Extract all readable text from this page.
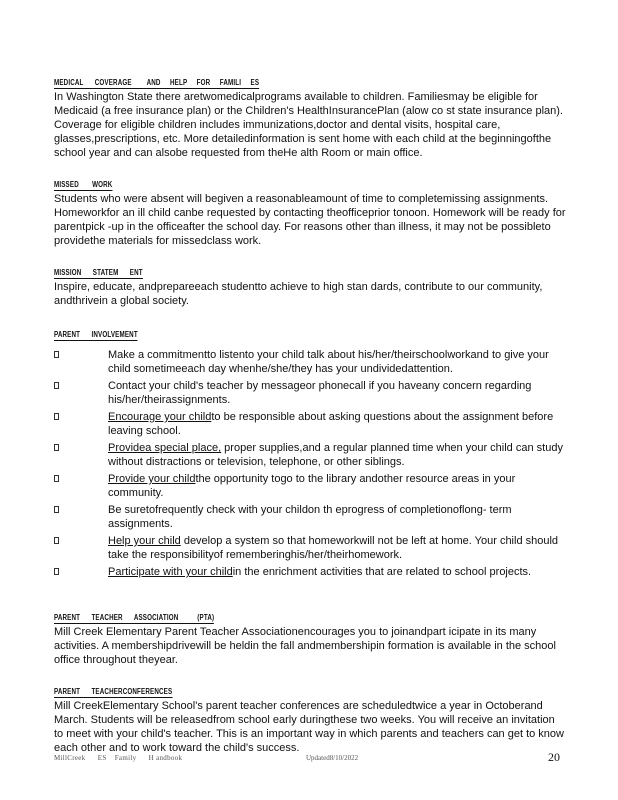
MEDICAL      COVERAGE        AND     HELP     FOR     FAMILI     ES

In Washington State there aretwomedicalprograms available to children. Familiesmay be eligible for Medicaid (a free insurance plan) or the Children's HealthInsurancePlan (alow co st state insurance plan). Coverage for eligible children includes immunizations,doctor and dental visits, hospital care, glasses,prescriptions, etc. More detailedinformation is sent home with each child at the beginningofthe school year and can alsobe requested from theHe alth Room or main office.

MISSED       WORK

Students who were absent will begiven a reasonableamount of time to completemissing assignments. Homeworkfor an ill child canbe requested by contacting theofficeprior tonoon. Homework will be ready for parentpick -up in the officeafter the school day. For reasons other than illness, it may not be possibleto providethe materials for missedclass work.

MISSION      STATEM      ENT

Inspire, educate, andprepareeach studentto achieve to high stan dards, contribute to our community, andthrivein a global society.

PARENT      INVOLVEMENT
Make a commitmentto listento your child talk about his/her/theirschoolworkand to give your child sometimeeach day whenhe/she/they has your undividedattention.
Contact your child's teacher by messageor phonecall if you haveany concern regarding his/her/theirassignments.
Encourage your childto be responsible about asking questions about the assignment before leaving school.
Providea special place, proper supplies,and a regular planned time when your child can study without distractions or television, telephone, or other siblings.
Provide your childthe opportunity togo to the library andother resource areas in your community.
Be suretofrequently check with your childon th eprogress of completionoflong- term assignments.
Help your child develop a system so that homeworkwill not be left at home. Your child should take the responsibilityof rememberinghis/her/theirhomework.
Participate with your childin the enrichment activities that are related to school projects.
PARENT      TEACHER      ASSOCIATION          (PTA)

Mill Creek Elementary Parent Teacher Associationencourages you to joinandpart icipate in its many activities. A membershipdrivewill be heldin the fall andmembershipin formation is available in the school office throughout theyear.

PARENT      TEACHERCONFERENCES

Mill CreekElementary School's parent teacher conferences are scheduledtwice a year in Octoberand March. Students will be releasedfrom school early duringthese two weeks. You will receive an invitation to meet with your child's teacher. This is an important way in which parents and teachers can get to know each other and to work toward the child's success.

MillCreek      ES    Family      H andbook	Updated8/10/2022	20
